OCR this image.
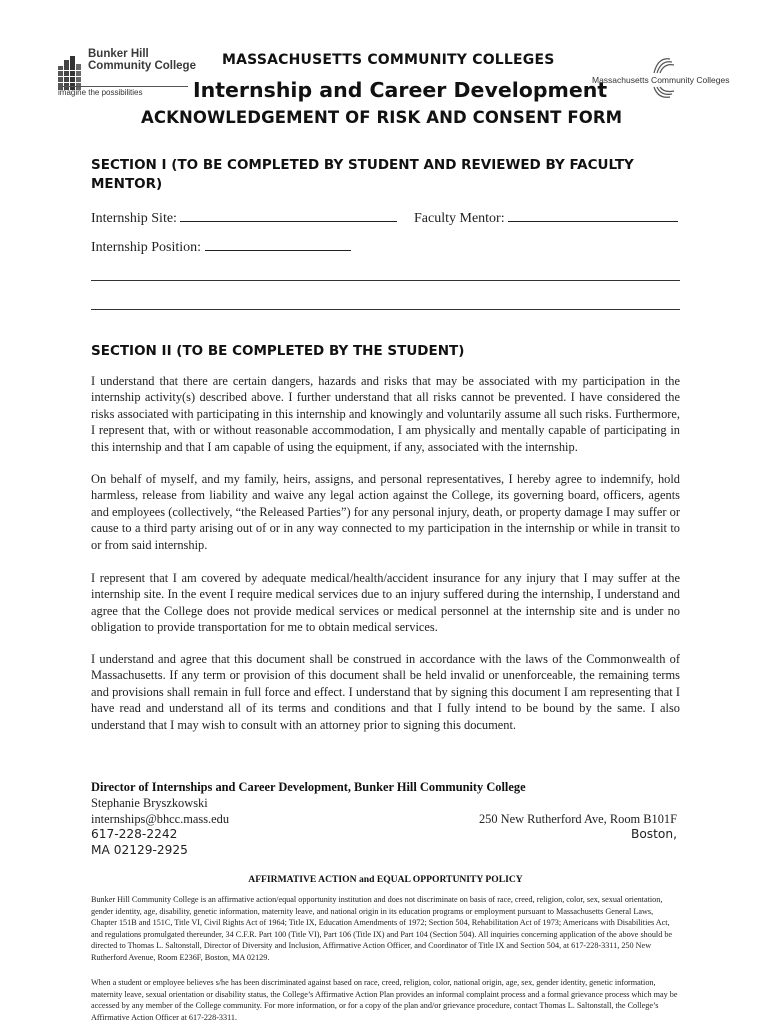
Bunker Hill
Community College
imagine the possibilities
Massachusetts Community Colleges
MASSACHUSETTS COMMUNITY COLLEGES
Internship and Career Development
ACKNOWLEDGEMENT OF RISK AND CONSENT FORM
SECTION I (TO BE COMPLETED BY STUDENT AND REVIEWED BY FACULTY
MENTOR)
Internship Site:	Faculty Mentor:
Internship Position:
SECTION II (TO BE COMPLETED BY THE STUDENT)
I understand that there are certain dangers, hazards and risks that may be associated with my participation in the internship activity(s) described above. I further understand that all risks cannot be prevented. I have considered the risks associated with participating in this internship and knowingly and voluntarily assume all such risks. Furthermore, I represent that, with or without reasonable accommodation, I am physically and mentally capable of participating in this internship and that I am capable of using the equipment, if any, associated with the internship.
On behalf of myself, and my family, heirs, assigns, and personal representatives, I hereby agree to indemnify, hold harmless, release from liability and waive any legal action against the College, its governing board, officers, agents and employees (collectively, “the Released Parties”) for any personal injury, death, or property damage I may suffer or cause to a third party arising out of or in any way connected to my participation in the internship or while in transit to or from said internship.
I represent that I am covered by adequate medical/health/accident insurance for any injury that I may suffer at the internship site. In the event I require medical services due to an injury suffered during the internship, I understand and agree that the College does not provide medical services or medical personnel at the internship site and is under no obligation to provide transportation for me to obtain medical services.
I understand and agree that this document shall be construed in accordance with the laws of the Commonwealth of Massachusetts. If any term or provision of this document shall be held invalid or unenforceable, the remaining terms and provisions shall remain in full force and effect. I understand that by signing this document I am representing that I have read and understand all of its terms and conditions and that I fully intend to be bound by the same. I also understand that I may wish to consult with an attorney prior to signing this document.
Director of Internships and Career Development, Bunker Hill Community College
Stephanie Bryszkowski
internships@bhcc.mass.edu
617-228-2242
MA 02129-2925
250 New Rutherford Ave, Room B101F
Boston,
AFFIRMATIVE ACTION and EQUAL OPPORTUNITY POLICY
Bunker Hill Community College is an affirmative action/equal opportunity institution and does not discriminate on basis of race, creed, religion, color, sex, sexual orientation, gender identity, age, disability, genetic information, maternity leave, and national origin in its education programs or employment pursuant to Massachusetts General Laws, Chapter 151B and 151C, Title VI, Civil Rights Act of 1964; Title IX, Education Amendments of 1972; Section 504, Rehabilitation Act of 1973; Americans with Disabilities Act, and regulations promulgated thereunder, 34 C.F.R. Part 100 (Title VI), Part 106 (Title IX) and Part 104 (Section 504). All inquiries concerning application of the above should be directed to Thomas L. Saltonstall, Director of Diversity and Inclusion, Affirmative Action Officer, and Coordinator of Title IX and Section 504, at 617-228-3311, 250 New Rutherford Avenue, Room E236F, Boston, MA 02129.
When a student or employee believes s/he has been discriminated against based on race, creed, religion, color, national origin, age, sex, gender identity, genetic information, maternity leave, sexual orientation or disability status, the College’s Affirmative Action Plan provides an informal complaint process and a formal grievance process which may be accessed by any member of the College community. For more information, or for a copy of the plan and/or grievance procedure, contact Thomas L. Saltonstall, the College’s Affirmative Action Officer at 617-228-3311.
